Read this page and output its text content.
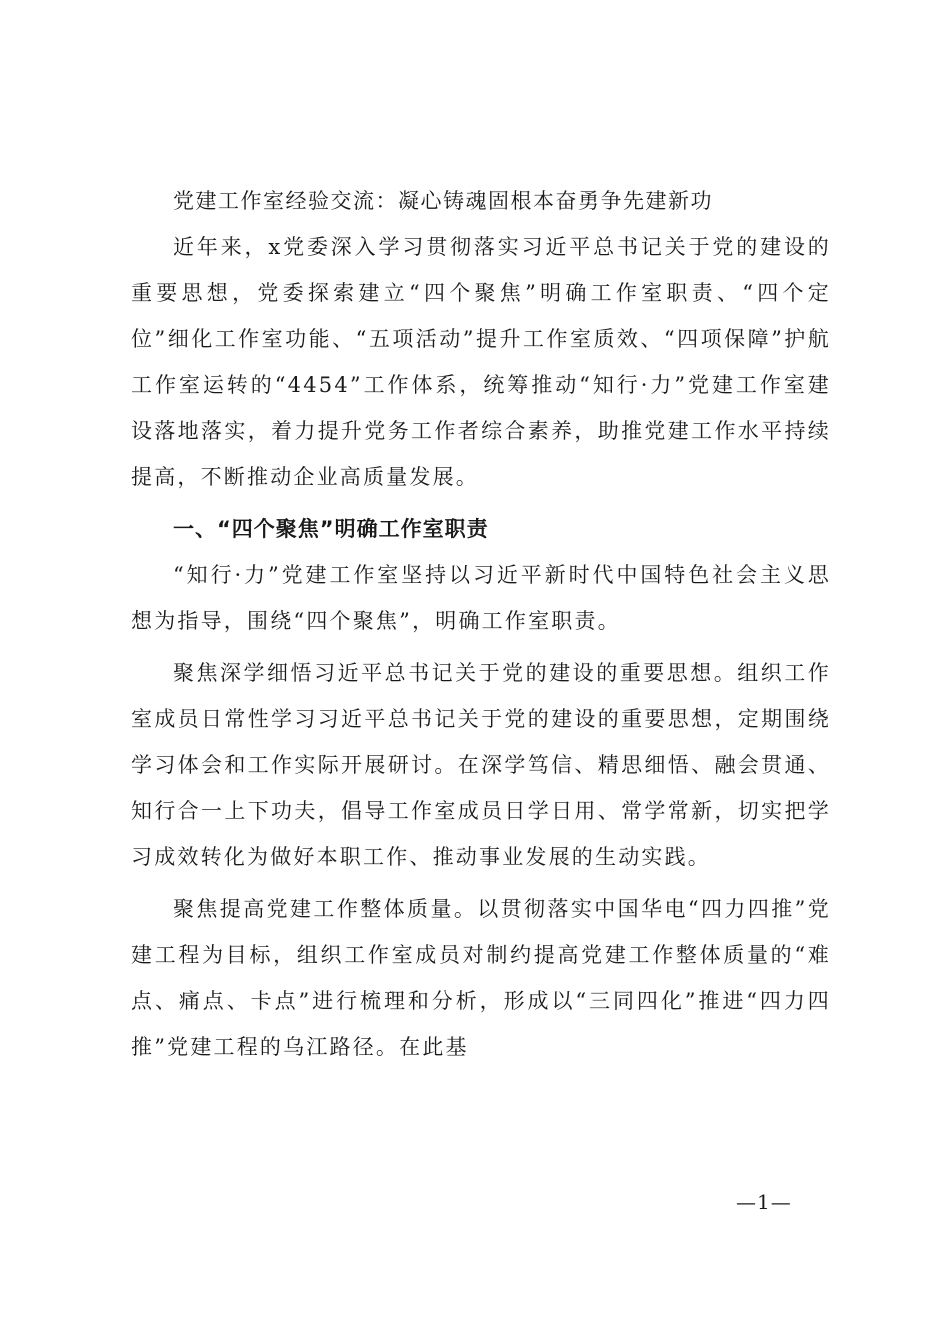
党建工作室经验交流：凝心铸魂固根本奋勇争先建新功

近年来，x党委深入学习贯彻落实习近平总书记关于党的建设的重要思想，党委探索建立“四个聚焦”明确工作室职责、“四个定位”细化工作室功能、“五项活动”提升工作室质效、“四项保障”护航工作室运转的“4454”工作体系，统筹推动“知行·力”党建工作室建设落地落实，着力提升党务工作者综合素养，助推党建工作水平持续提高，不断推动企业高质量发展。

一、“四个聚焦”明确工作室职责

“知行·力”党建工作室坚持以习近平新时代中国特色社会主义思想为指导，围绕“四个聚焦”，明确工作室职责。

聚焦深学细悟习近平总书记关于党的建设的重要思想。组织工作室成员日常性学习习近平总书记关于党的建设的重要思想，定期围绕学习体会和工作实际开展研讨。在深学笃信、精思细悟、融会贯通、知行合一上下功夫，倡导工作室成员日学日用、常学常新，切实把学习成效转化为做好本职工作、推动事业发展的生动实践。

聚焦提高党建工作整体质量。以贯彻落实中国华电“四力四推”党建工程为目标，组织工作室成员对制约提高党建工作整体质量的“难点、痛点、卡点”进行梳理和分析，形成以“三同四化”推进“四力四推”党建工程的乌江路径。在此基

—1—
